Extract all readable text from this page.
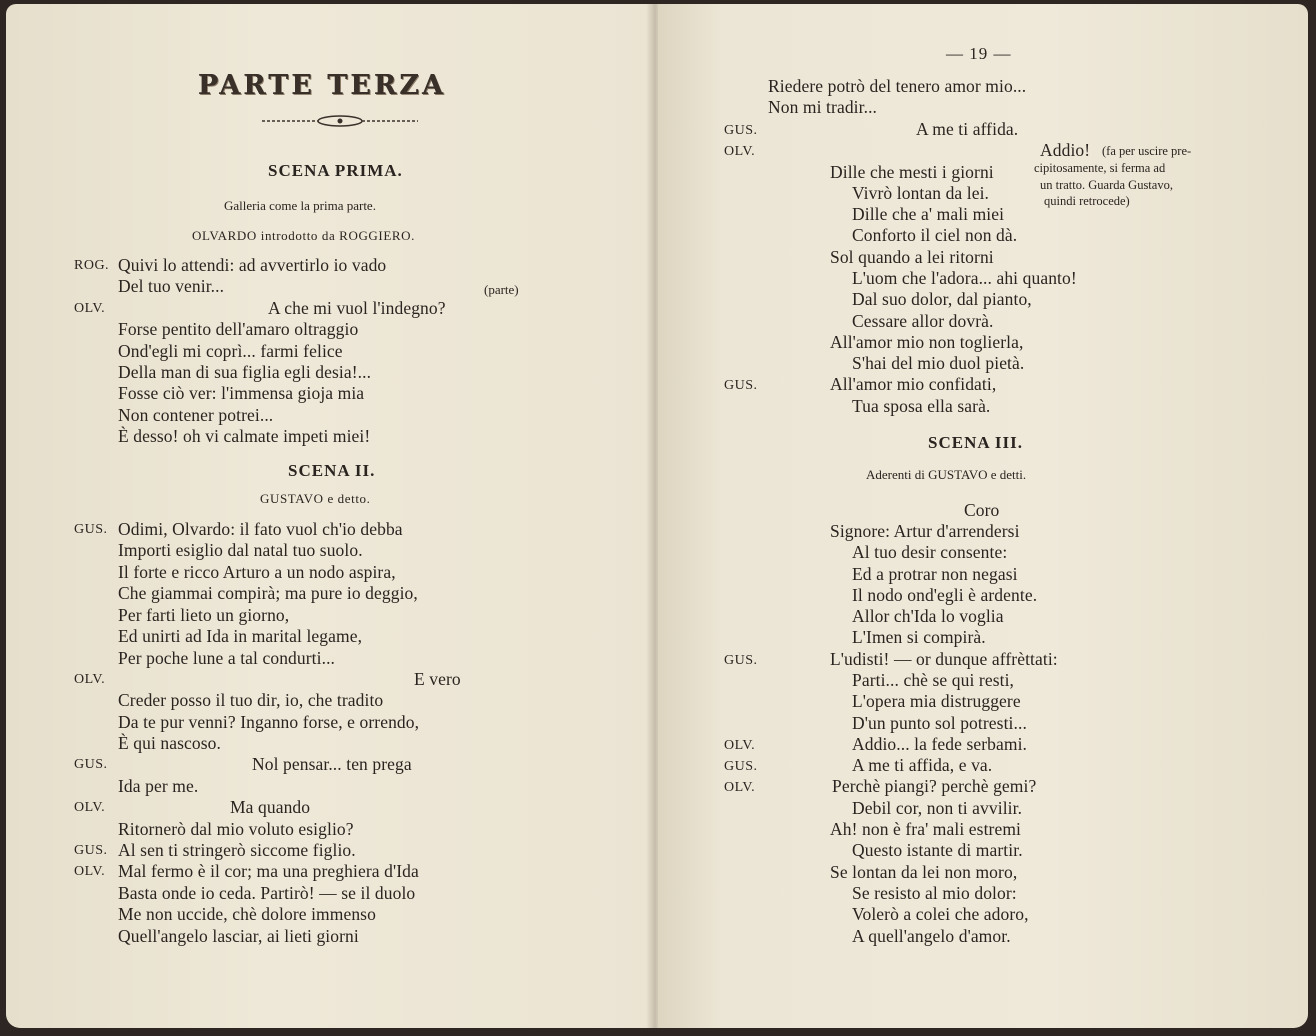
PARTE TERZA
SCENA PRIMA.
Galleria come la prima parte.
OLVARDO introdotto da ROGGIERO.
ROG. Quivi lo attendi: ad avvertirlo io vado
Del tuo venir...	(parte)
OLV.	A che mi vuol l'indegno?
Forse pentito dell'amaro oltraggio
Ond'egli mi coprì... farmi felice
Della man di sua figlia egli desia!...
Fosse ciò ver: l'immensa gioja mia
Non contener potrei...
È desso! oh vi calmate impeti miei!
SCENA II.
GUSTAVO e detto.
GUS. Odimi, Olvardo: il fato vuol ch'io debba
Importi esiglio dal natal tuo suolo.
Il forte e ricco Arturo a un nodo aspira,
Che giammai compirà; ma pure io deggio,
Per farti lieto un giorno,
Ed unirti ad Ida in marital legame,
Per poche lune a tal condurti...
OLV.	E vero
Creder posso il tuo dir, io, che tradito
Da te pur venni? Inganno forse, e orrendo,
È qui nascoso.
GUS.	Nol pensar... ten prega
Ida per me.
OLV.	Ma quando
Ritornerò dal mio voluto esiglio?
GUS. Al sen ti stringerò siccome figlio.
OLV. Mal fermo è il cor; ma una preghiera d'Ida
Basta onde io ceda. Partirò! — se il duolo
Me non uccide, chè dolore immenso
Quell'angelo lasciar, ai lieti giorni
— 19 —
Riedere potrò del tenero amor mio...
Non mi tradir...
GUS.	A me ti affida.
OLV.	Addio! (fa per uscire pre-
cipitosamente, si ferma ad
un tratto. Guarda Gustavo,
quindi retrocede)
Dille che mesti i giorni
Vivrò lontan da lei.
Dille che a' mali miei
Conforto il ciel non dà.
Sol quando a lei ritorni
L'uom che l'adora... ahi quanto!
Dal suo dolor, dal pianto,
Cessare allor dovrà.
All'amor mio non toglierla,
S'hai del mio duol pietà.
GUS.	All'amor mio confidati,
Tua sposa ella sarà.
SCENA III.
Aderenti di GUSTAVO e detti.
Coro
Signore: Artur d'arrendersi
Al tuo desir consente:
Ed a protrar non negasi
Il nodo ond'egli è ardente.
Allor ch'Ida lo voglia
L'Imen si compirà.
GUS.	L'udisti! — or dunque affrèttati:
Parti... chè se qui resti,
L'opera mia distruggere
D'un punto sol potresti...
OLV.	Addio... la fede serbami.
GUS.	A me ti affida, e va.
OLV.	Perchè piangi? perchè gemi?
Debil cor, non ti avvilir.
Ah! non è fra' mali estremi
Questo istante di martir.
Se lontan da lei non moro,
Se resisto al mio dolor:
Volerò a colei che adoro,
A quell'angelo d'amor.
